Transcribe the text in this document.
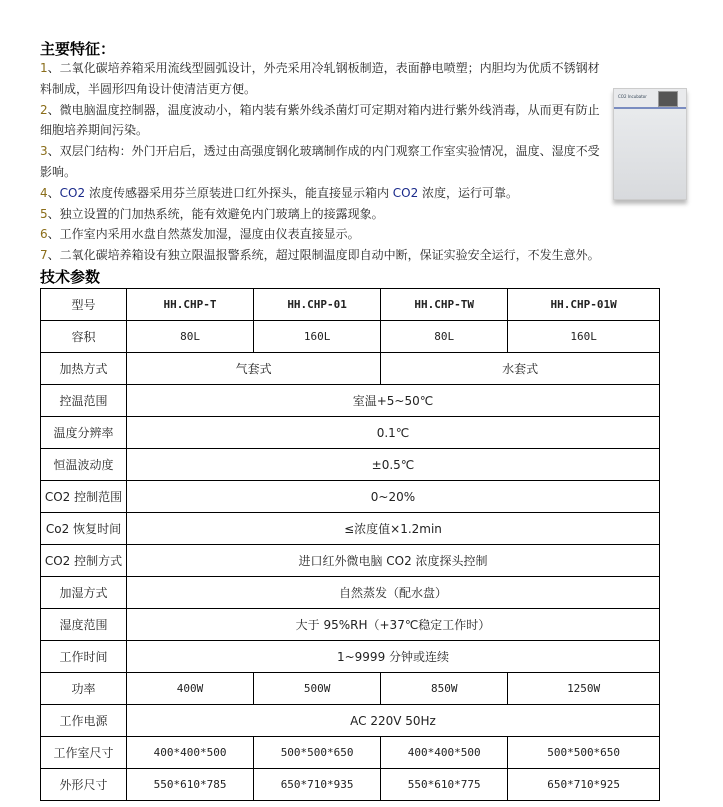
主要特征：

1、二氧化碳培养箱采用流线型圆弧设计，外壳采用冷轧钢板制造，表面静电喷塑；内胆均为优质不锈钢材料制成，半圆形四角设计使清洁更方便。

2、微电脑温度控制器，温度波动小，箱内装有紫外线杀菌灯可定期对箱内进行紫外线消毒，从而更有防止细胞培养期间污染。

3、双层门结构：外门开启后，透过由高强度钢化玻璃制作成的内门观察工作室实验情况，温度、湿度不受影响。

4、CO2 浓度传感器采用芬兰原装进口红外探头，能直接显示箱内 CO2 浓度，运行可靠。

5、独立设置的门加热系统，能有效避免内门玻璃上的接露现象。

6、工作室内采用水盘自然蒸发加湿，湿度由仪表直接显示。

7、二氧化碳培养箱设有独立限温报警系统，超过限制温度即自动中断，保证实验安全运行，不发生意外。

CO2 Incubator
技术参数
型号	HH.CHP-T	HH.CHP-01	HH.CHP-TW	HH.CHP-01W
容积	80L	160L	80L	160L
加热方式	气套式		水套式	
控温范围	室温+5~50℃			
温度分辨率	0.1℃			
恒温波动度	±0.5℃			
CO2 控制范围	0~20%			
Co2 恢复时间	≤浓度值×1.2min			
CO2 控制方式	进口红外微电脑 CO2 浓度探头控制			
加湿方式	自然蒸发（配水盘）			
湿度范围	大于 95%RH（+37℃稳定工作时）			
工作时间	1~9999 分钟或连续			
功率	400W	500W	850W	1250W
工作电源	AC 220V 50Hz			
工作室尺寸	400*400*500	500*500*650	400*400*500	500*500*650
外形尺寸	550*610*785	650*710*935	550*610*775	650*710*925
